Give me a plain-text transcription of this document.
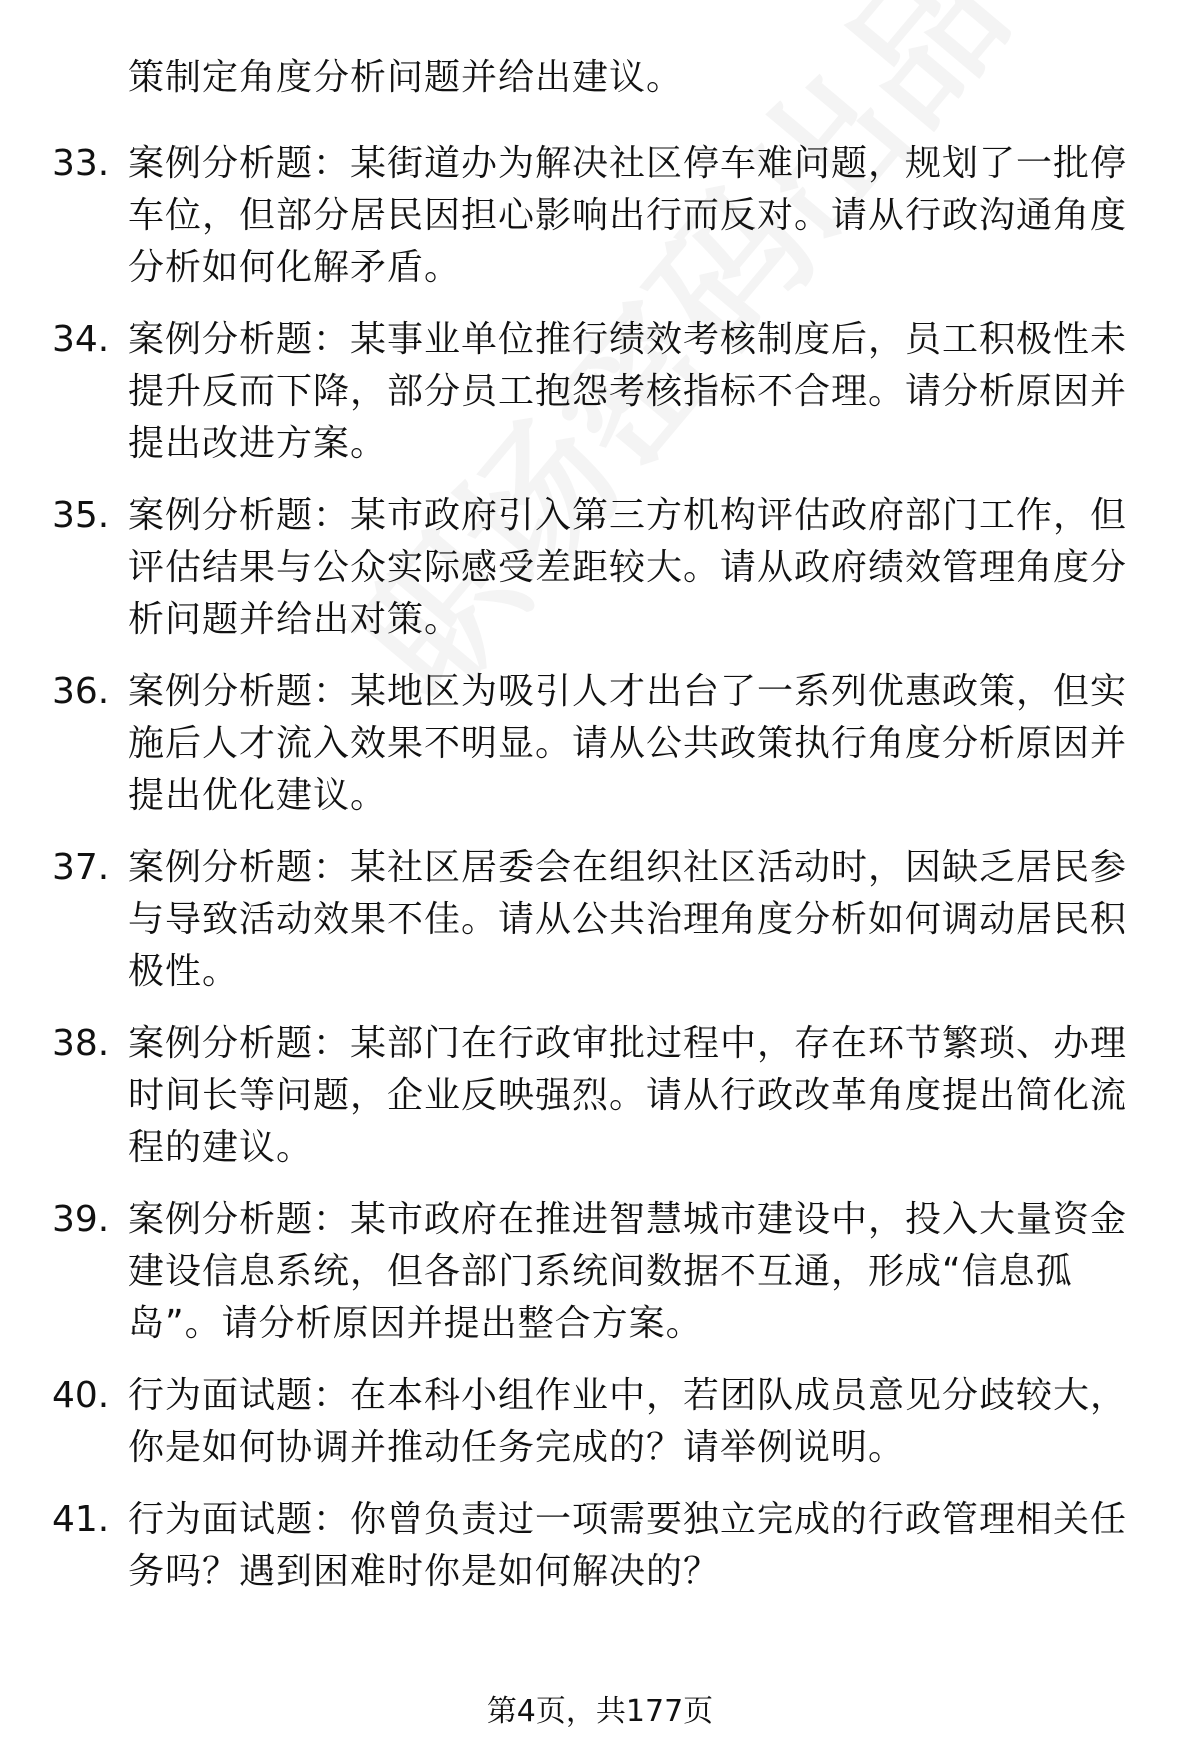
策制定角度分析问题并给出建议。
33. 案例分析题：某街道办为解决社区停车难问题，规划了一批停车位，但部分居民因担心影响出行而反对。请从行政沟通角度分析如何化解矛盾。
34. 案例分析题：某事业单位推行绩效考核制度后，员工积极性未提升反而下降，部分员工抱怨考核指标不合理。请分析原因并提出改进方案。
35. 案例分析题：某市政府引入第三方机构评估政府部门工作，但评估结果与公众实际感受差距较大。请从政府绩效管理角度分析问题并给出对策。
36. 案例分析题：某地区为吸引人才出台了一系列优惠政策，但实施后人才流入效果不明显。请从公共政策执行角度分析原因并提出优化建议。
37. 案例分析题：某社区居委会在组织社区活动时，因缺乏居民参与导致活动效果不佳。请从公共治理角度分析如何调动居民积极性。
38. 案例分析题：某部门在行政审批过程中，存在环节繁琐、办理时间长等问题，企业反映强烈。请从行政改革角度提出简化流程的建议。
39. 案例分析题：某市政府在推进智慧城市建设中，投入大量资金建设信息系统，但各部门系统间数据不互通，形成“信息孤岛”。请分析原因并提出整合方案。
40. 行为面试题：在本科小组作业中，若团队成员意见分歧较大，你是如何协调并推动任务完成的？请举例说明。
41. 行为面试题：你曾负责过一项需要独立完成的行政管理相关任务吗？遇到困难时你是如何解决的？
第4页，共177页
